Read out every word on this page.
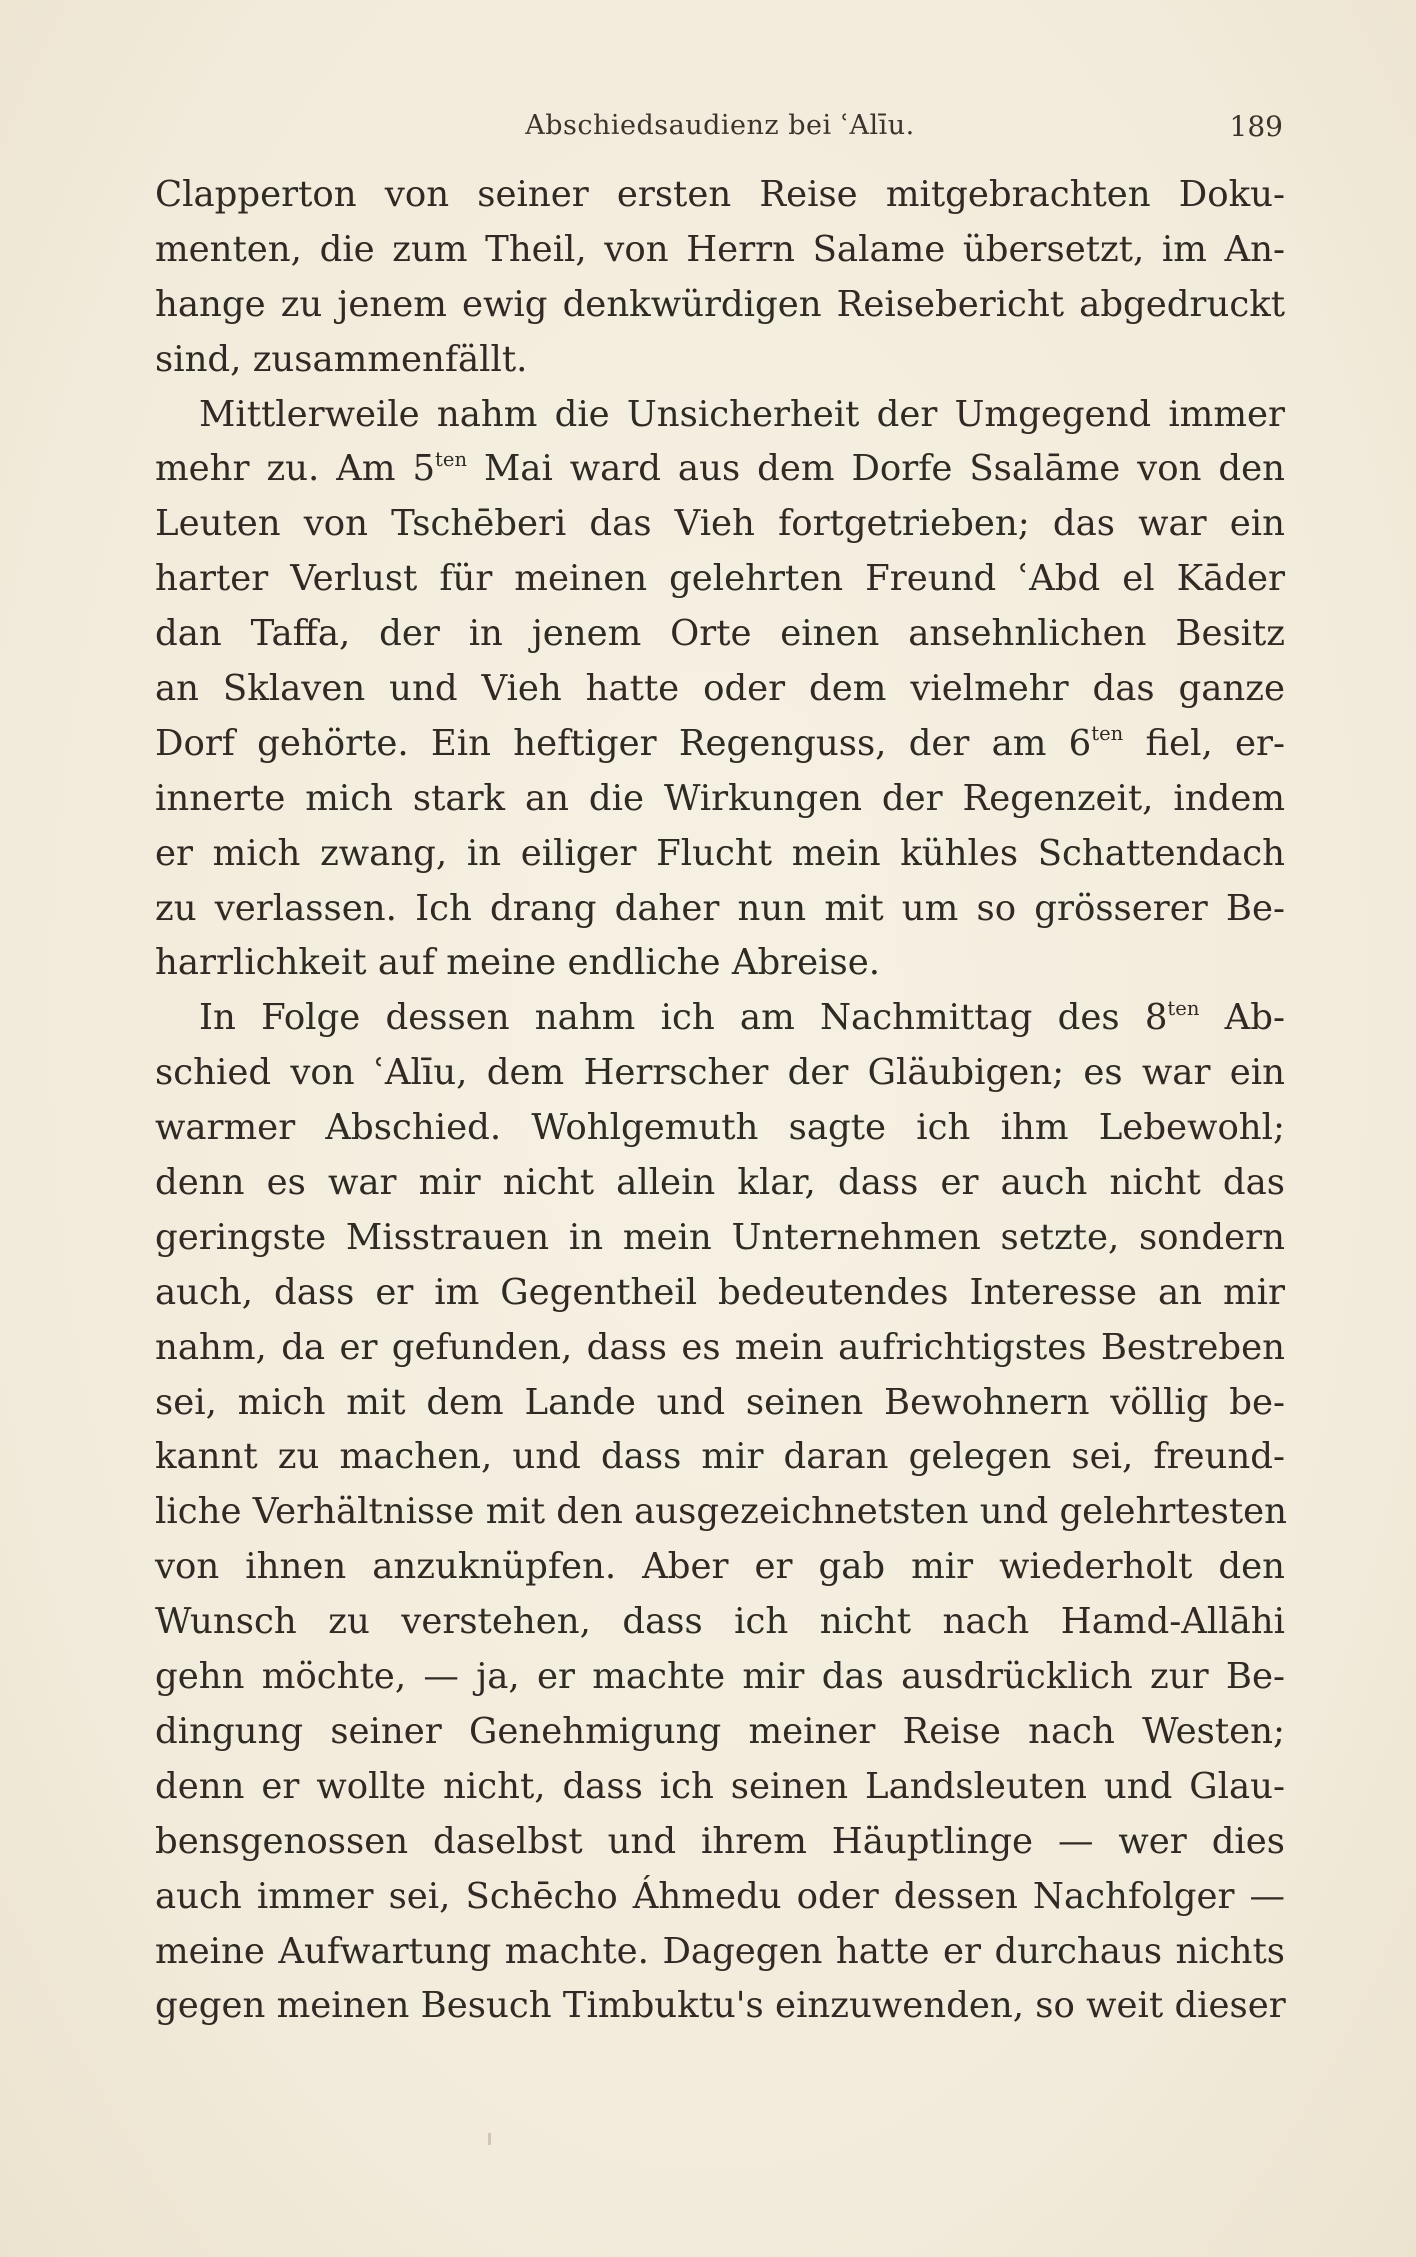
Abschiedsaudienz bei ʿAlīu.	189
Clapperton von seiner ersten Reise mitgebrachten Doku-
menten, die zum Theil, von Herrn Salame übersetzt, im An-
hange zu jenem ewig denkwürdigen Reisebericht abgedruckt
sind, zusammenfällt.
Mittlerweile nahm die Unsicherheit der Umgegend immer
mehr zu. Am $5^{ten}$ Mai ward aus dem Dorfe Ssalāme von den
Leuten von Tschēberi das Vieh fortgetrieben; das war ein
harter Verlust für meinen gelehrten Freund ʿAbd el Kāder
dan Taffa, der in jenem Orte einen ansehnlichen Besitz
an Sklaven und Vieh hatte oder dem vielmehr das ganze
Dorf gehörte. Ein heftiger Regenguss, der am $6^{ten}$ fiel, er-
innerte mich stark an die Wirkungen der Regenzeit, indem
er mich zwang, in eiliger Flucht mein kühles Schattendach
zu verlassen. Ich drang daher nun mit um so grösserer Be-
harrlichkeit auf meine endliche Abreise.
In Folge dessen nahm ich am Nachmittag des $8^{ten}$ Ab-
schied von ʿAlīu, dem Herrscher der Gläubigen; es war ein
warmer Abschied. Wohlgemuth sagte ich ihm Lebewohl;
denn es war mir nicht allein klar, dass er auch nicht das
geringste Misstrauen in mein Unternehmen setzte, sondern
auch, dass er im Gegentheil bedeutendes Interesse an mir
nahm, da er gefunden, dass es mein aufrichtigstes Bestreben
sei, mich mit dem Lande und seinen Bewohnern völlig be-
kannt zu machen, und dass mir daran gelegen sei, freund-
liche Verhältnisse mit den ausgezeichnetsten und gelehrtesten
von ihnen anzuknüpfen. Aber er gab mir wiederholt den
Wunsch zu verstehen, dass ich nicht nach Hamd-Allāhi
gehn möchte, — ja, er machte mir das ausdrücklich zur Be-
dingung seiner Genehmigung meiner Reise nach Westen;
denn er wollte nicht, dass ich seinen Landsleuten und Glau-
bensgenossen daselbst und ihrem Häuptlinge — wer dies
auch immer sei, Schēcho Áhmedu oder dessen Nachfolger —
meine Aufwartung machte. Dagegen hatte er durchaus nichts
gegen meinen Besuch Timbuktu's einzuwenden, so weit dieser
